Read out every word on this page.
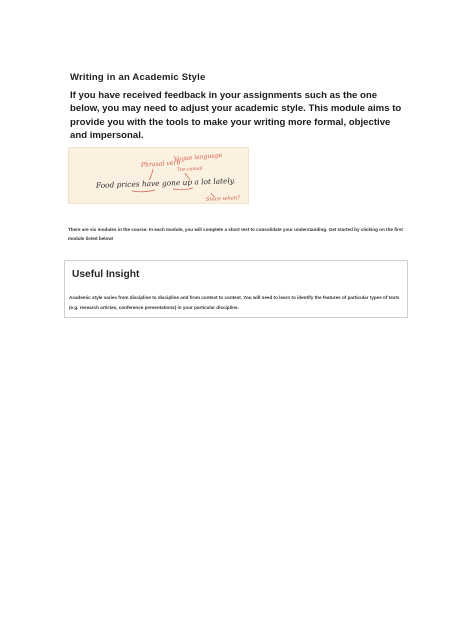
Writing in an Academic Style

If you have received feedback in your assignments such as the one below, you may need to adjust your academic style. This module aims to provide you with the tools to make your writing more formal, objective and impersonal.

Phrasal verb
Vague language
Too casual
Food prices have gone up a lot lately.
Since when?

There are six modules in the course. In each module, you will complete a short test to consolidate your understanding. Get started by clicking on the first module listed below!

Useful Insight

Academic style varies from discipline to discipline and from context to context. You will need to learn to identify the features of particular types of texts (e.g. research articles, conference presentations) in your particular discipline.
